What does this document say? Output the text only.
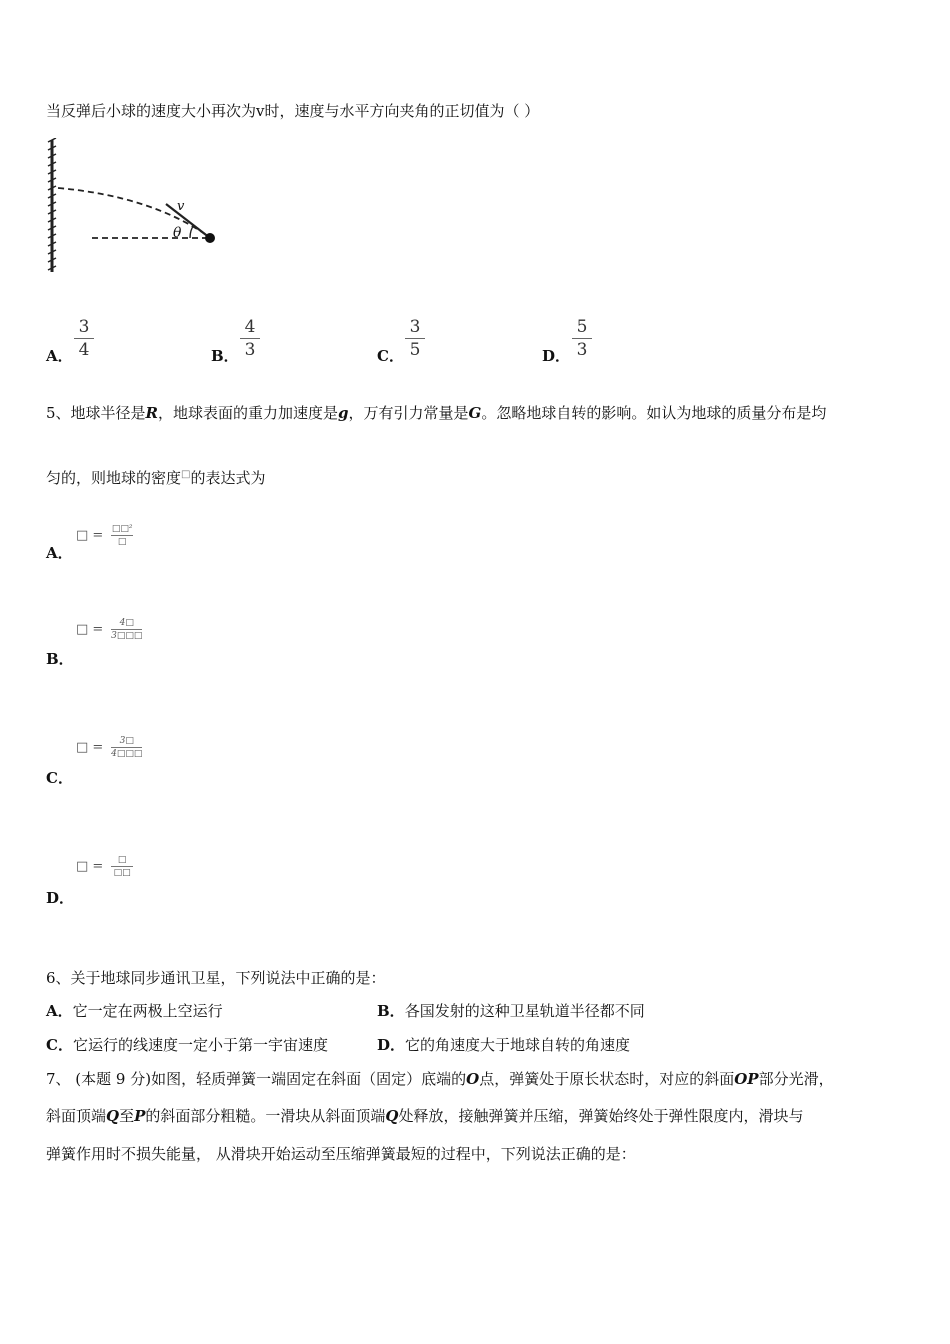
当反弹后小球的速度大小再次为v时，速度与水平方向夹角的正切值为（ ）
v
θ
A．
3
4	B．
4
3	C．
3
5	D．
5
3
5、地球半径是R，地球表面的重力加速度是g，万有引力常量是G。忽略地球自转的影响。如认为地球的质量分布是均
匀的，则地球的密度□的表达式为
□ = □□²
□
A．
□ = $\frac{4□}{3□□□}$
B．
□ = $\frac{3□}{4□□□}$
C．
□ =	□
□□
D．
6、关于地球同步通讯卫星，下列说法中正确的是：
A．它一定在两极上空运行	B．各国发射的这种卫星轨道半径都不同
C．它运行的线速度一定小于第一宇宙速度	D．它的角速度大于地球自转的角速度
7、 (本题 9 分)如图，轻质弹簧一端固定在斜面（固定）底端的O点，弹簧处于原长状态时，对应的斜面OP部分光滑，
斜面顶端Q至P的斜面部分粗糙。一滑块从斜面顶端Q处释放，接触弹簧并压缩，弹簧始终处于弹性限度内，滑块与
弹簧作用时不损失能量， 从滑块开始运动至压缩弹簧最短的过程中，下列说法正确的是：
